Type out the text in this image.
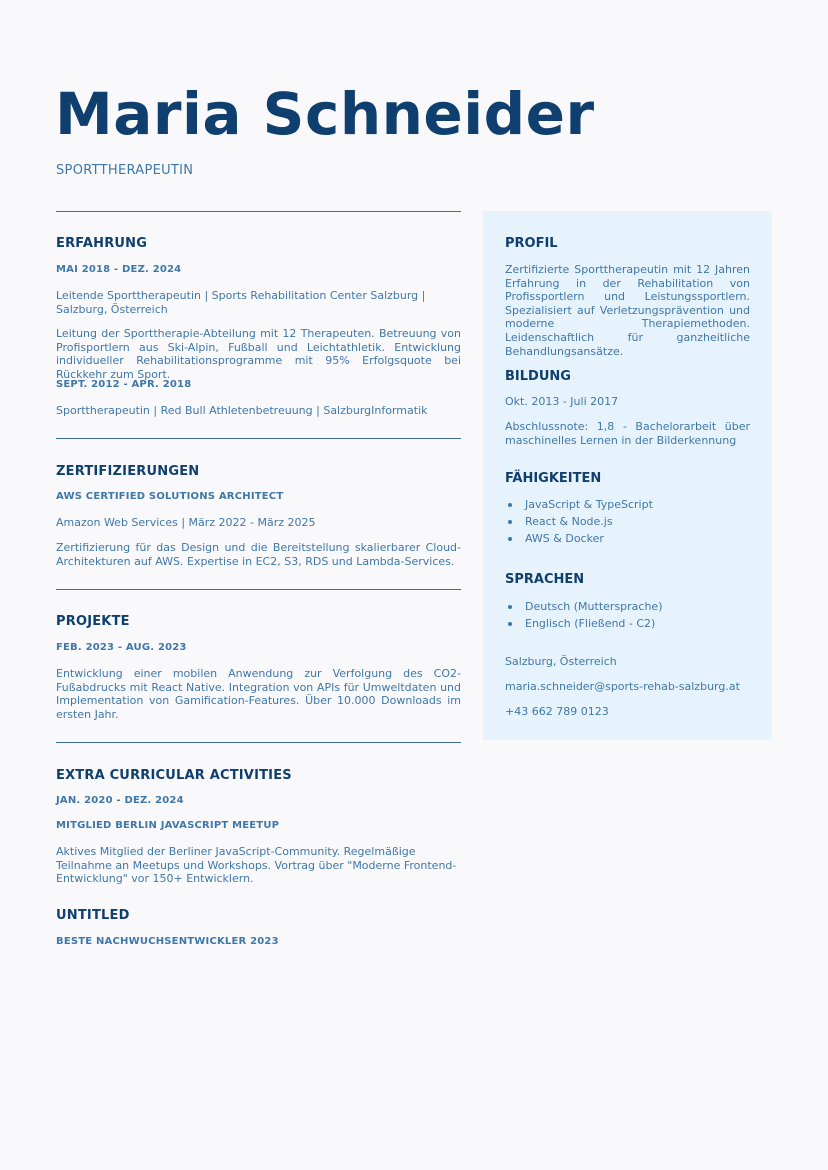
Maria Schneider
SPORTTHERAPEUTIN
ERFAHRUNG
MAI 2018 - DEZ. 2024

Leitende Sporttherapeutin | Sports Rehabilitation Center Salzburg | Salzburg, Österreich

Leitung der Sporttherapie-Abteilung mit 12 Therapeuten. Betreuung von Profisportlern aus Ski-Alpin, Fußball und Leichtathletik. Entwicklung individueller Rehabilitationsprogramme mit 95% Erfolgsquote bei Rückkehr zum Sport.

SEPT. 2012 - APR. 2018

Sporttherapeutin | Red Bull Athletenbetreuung | SalzburgInformatik

ZERTIFIZIERUNGEN
AWS CERTIFIED SOLUTIONS ARCHITECT

Amazon Web Services | März 2022 - März 2025

Zertifizierung für das Design und die Bereitstellung skalierbarer Cloud-Architekturen auf AWS. Expertise in EC2, S3, RDS und Lambda-Services.

PROJEKTE
FEB. 2023 - AUG. 2023

Entwicklung einer mobilen Anwendung zur Verfolgung des CO2-Fußabdrucks mit React Native. Integration von APIs für Umweltdaten und Implementation von Gamification-Features. Über 10.000 Downloads im ersten Jahr.

EXTRA CURRICULAR ACTIVITIES
JAN. 2020 - DEZ. 2024
MITGLIED BERLIN JAVASCRIPT MEETUP

Aktives Mitglied der Berliner JavaScript-Community. Regelmäßige Teilnahme an Meetups und Workshops. Vortrag über "Moderne Frontend-Entwicklung" vor 150+ Entwicklern.

UNTITLED
BESTE NACHWUCHSENTWICKLER 2023
PROFIL

Zertifizierte Sporttherapeutin mit 12 Jahren Erfahrung in der Rehabilitation von Profissportlern und Leistungssportlern. Spezialisiert auf Verletzungsprävention und moderne Therapiemethoden. Leidenschaftlich für ganzheitliche Behandlungsansätze.

BILDUNG

Okt. 2013 - Juli 2017

Abschlussnote: 1,8 - Bachelorarbeit über maschinelles Lernen in der Bilderkennung

FÄHIGKEITEN
JavaScript & TypeScript
React & Node.js
AWS & Docker
SPRACHEN
Deutsch (Muttersprache)
Englisch (Fließend - C2)

Salzburg, Österreich

maria.schneider@sports-rehab-salzburg.at

+43 662 789 0123
